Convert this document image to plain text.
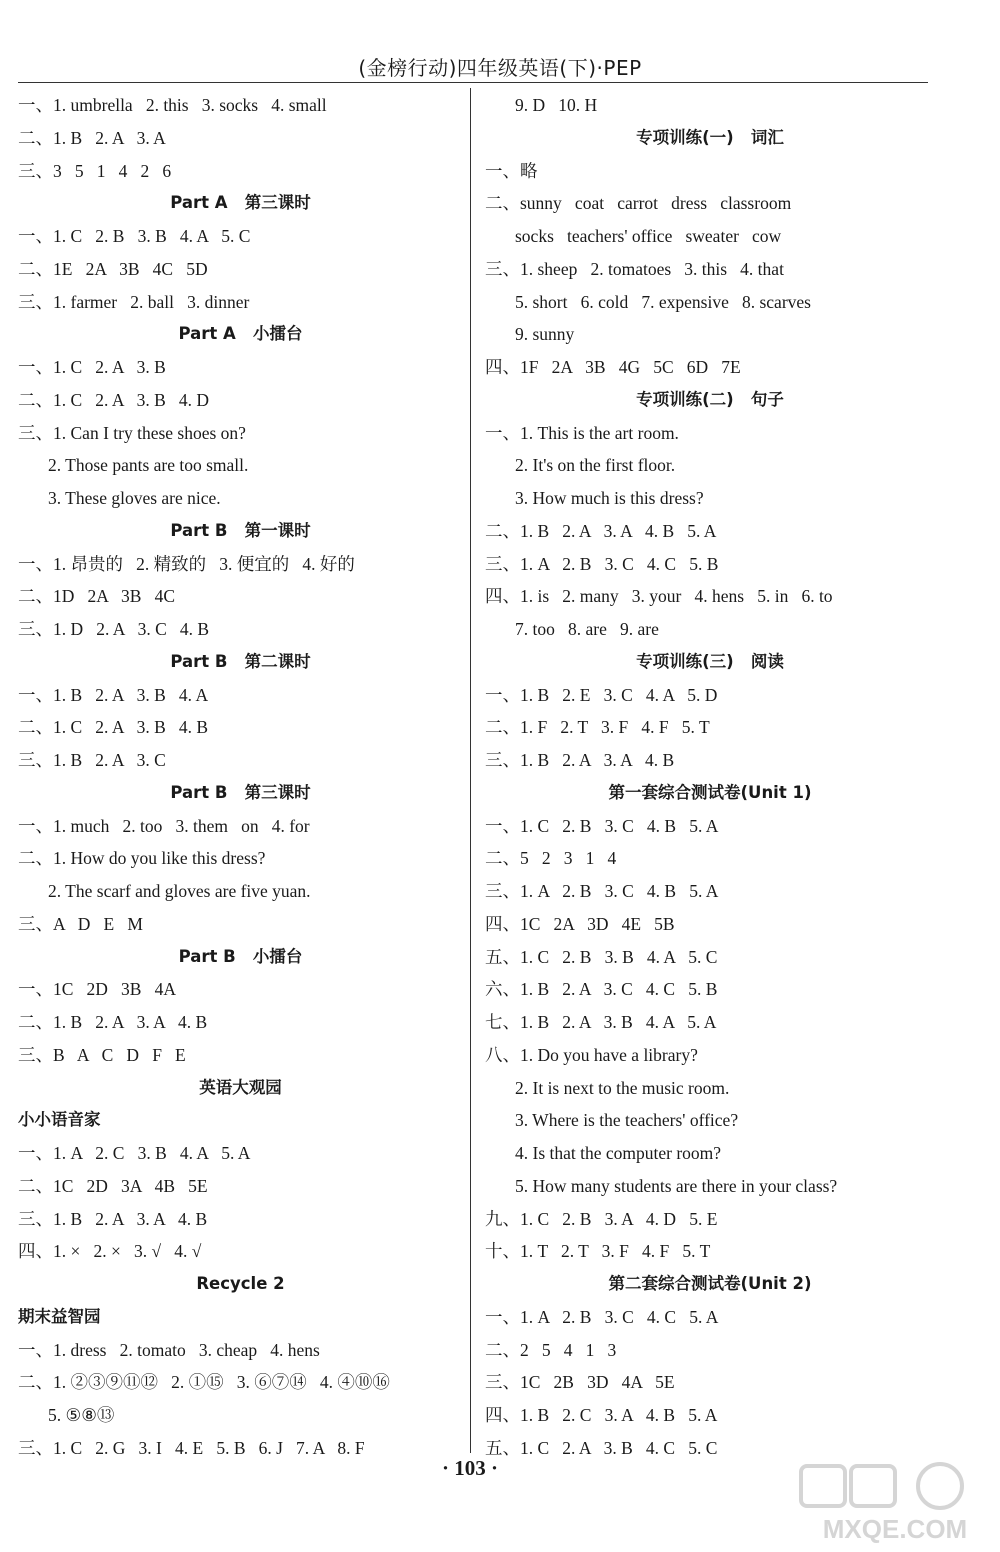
(金榜行动)四年级英语(下)·PEP
一、1. umbrella   2. this   3. socks   4. small
二、1. B   2. A   3. A
三、3   5   1   4   2   6
Part A   第三课时
一、1. C   2. B   3. B   4. A   5. C
二、1E   2A   3B   4C   5D
三、1. farmer   2. ball   3. dinner
Part A   小擂台
一、1. C   2. A   3. B
二、1. C   2. A   3. B   4. D
三、1. Can I try these shoes on?
2. Those pants are too small.
3. These gloves are nice.
Part B   第一课时
一、1. 昂贵的   2. 精致的   3. 便宜的   4. 好的
二、1D   2A   3B   4C
三、1. D   2. A   3. C   4. B
Part B   第二课时
一、1. B   2. A   3. B   4. A
二、1. C   2. A   3. B   4. B
三、1. B   2. A   3. C
Part B   第三课时
一、1. much   2. too   3. them   on   4. for
二、1. How do you like this dress?
2. The scarf and gloves are five yuan.
三、A   D   E   M
Part B   小擂台
一、1C   2D   3B   4A
二、1. B   2. A   3. A   4. B
三、B   A   C   D   F   E
英语大观园
小小语音家
一、1. A   2. C   3. B   4. A   5. A
二、1C   2D   3A   4B   5E
三、1. B   2. A   3. A   4. B
四、1. ×   2. ×   3. √   4. √
Recycle 2
期末益智园
一、1. dress   2. tomato   3. cheap   4. hens
二、1. ②③⑨⑪⑫   2. ①⑮   3. ⑥⑦⑭   4. ④⑩⑯
5. ⑤⑧⑬
三、1. C   2. G   3. I   4. E   5. B   6. J   7. A   8. F
9. D   10. H
专项训练(一)   词汇
一、略
二、sunny   coat   carrot   dress   classroom
socks   teachers' office   sweater   cow
三、1. sheep   2. tomatoes   3. this   4. that
5. short   6. cold   7. expensive   8. scarves
9. sunny
四、1F   2A   3B   4G   5C   6D   7E
专项训练(二)   句子
一、1. This is the art room.
2. It's on the first floor.
3. How much is this dress?
二、1. B   2. A   3. A   4. B   5. A
三、1. A   2. B   3. C   4. C   5. B
四、1. is   2. many   3. your   4. hens   5. in   6. to
7. too   8. are   9. are
专项训练(三)   阅读
一、1. B   2. E   3. C   4. A   5. D
二、1. F   2. T   3. F   4. F   5. T
三、1. B   2. A   3. A   4. B
第一套综合测试卷(Unit 1)
一、1. C   2. B   3. C   4. B   5. A
二、5   2   3   1   4
三、1. A   2. B   3. C   4. B   5. A
四、1C   2A   3D   4E   5B
五、1. C   2. B   3. B   4. A   5. C
六、1. B   2. A   3. C   4. C   5. B
七、1. B   2. A   3. B   4. A   5. A
八、1. Do you have a library?
2. It is next to the music room.
3. Where is the teachers' office?
4. Is that the computer room?
5. How many students are there in your class?
九、1. C   2. B   3. A   4. D   5. E
十、1. T   2. T   3. F   4. F   5. T
第二套综合测试卷(Unit 2)
一、1. A   2. B   3. C   4. C   5. A
二、2   5   4   1   3
三、1C   2B   3D   4A   5E
四、1. B   2. C   3. A   4. B   5. A
五、1. C   2. A   3. B   4. C   5. C
· 103 ·
MXQE.COM
